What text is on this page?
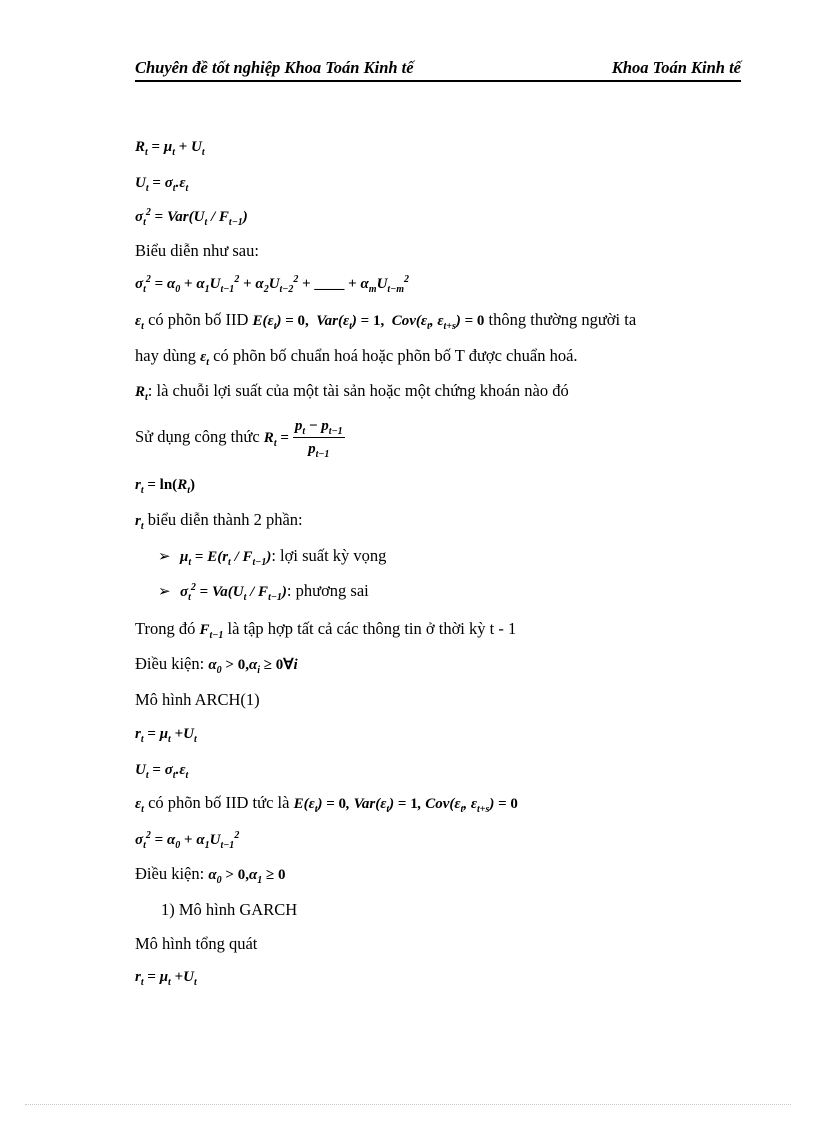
Chuyên đề tốt nghiệp Khoa Toán Kinh tế	Khoa Toán Kinh tế
$R_t = \mu_t + U_t$
$U_t = \sigma_t.\varepsilon_t$
$\sigma_t^2 = Var(U_t / F_{t-1})$
Biểu diễn như sau:
$\sigma_t^2 = \alpha_0 + \alpha_1U_{t-1}^2 + \alpha_2U_{t-2}^2$ + ____ + $\alpha_mU_{t-m}^2$
$\varepsilon_t$ có phõn bố IID $E(\varepsilon_t) = 0$,  $Var(\varepsilon_t) = 1$,  $Cov(\varepsilon_t$, $\varepsilon_{t+s}) = 0$ thông thường người ta
hay dùng $\varepsilon_t$ có phõn bố chuẩn hoá hoặc phõn bố T được chuẩn hoá.
$R_t$: là chuỗi lợi suất của một tài sản hoặc một chứng khoán nào đó
Sử dụng công thức $R_t = \frac{p_t - p_{t-1}}{p_{t-1}}$
$r_t = \ln(R_t)$
$r_t$ biểu diễn thành 2 phần:
➢ $\mu_t = E(r_t / F_{t-1})$: lợi suất kỳ vọng
➢ $\sigma_t^2 = Va(U_t / F_{t-1})$: phương sai
Trong đó $F_{t-1}$ là tập hợp tất cả các thông tin ở thời kỳ t - 1
Điều kiện: $\alpha_0 > 0,\alpha_i$ ≥ 0∀i
Mô hình ARCH(1)
$r_t = \mu_t +U_t$
$U_t = \sigma_t.\varepsilon_t$
$\varepsilon_t$ có phõn bố IID tức là $E(\varepsilon_t) = 0$, $Var(\varepsilon_t) = 1$, $Cov(\varepsilon_t$, $\varepsilon_{t+s}) = 0$
$\sigma_t^2 = \alpha_0 + \alpha_1U_{t-1}^2$
Điều kiện: $\alpha_0 > 0,\alpha_1 \ge 0$
1) Mô hình GARCH
Mô hình tổng quát
$r_t = \mu_t +U_t$
